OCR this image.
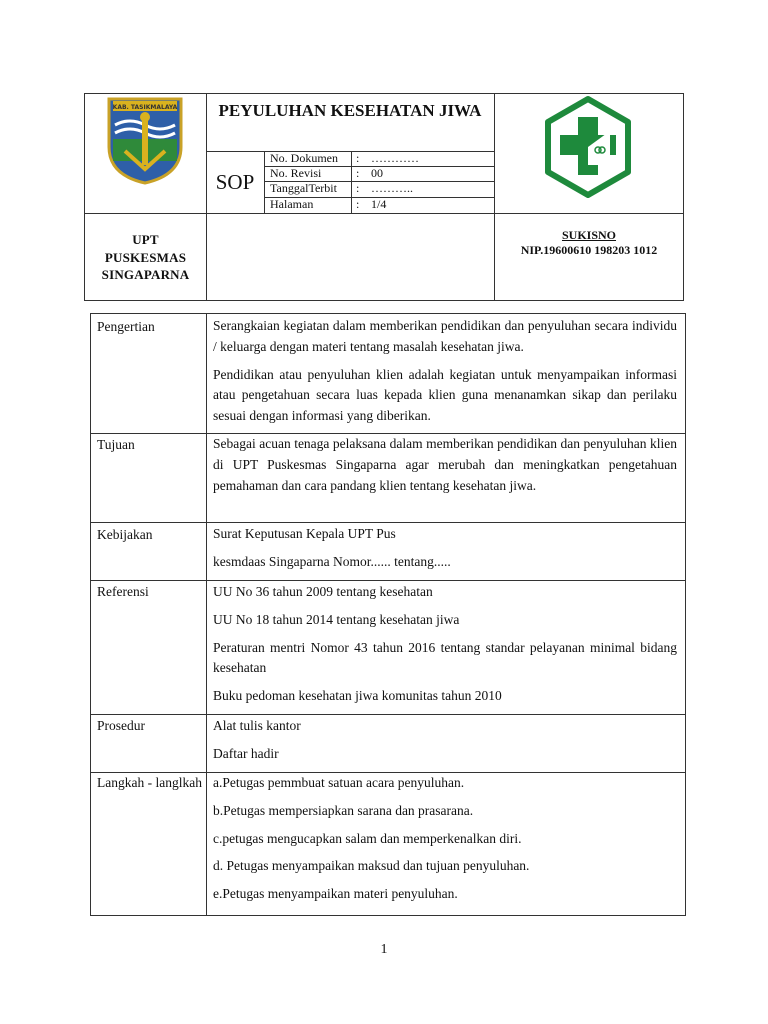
KAB. TASIKMALAYA	PEYULUHAN KESEHATAN JIWA
SOP
No. Dokumen : …………
No. Revisi	: 00
TanggalTerbit : ………..
Halaman	: 1/4
UPT
PUSKESMAS
SINGAPARNA
SUKISNO
NIP.19600610 198203 1012
Pengertian	Serangkaian kegiatan dalam memberikan pendidikan dan penyuluhan secara individu / keluarga dengan materi tentang masalah kesehatan jiwa.

Pendidikan atau penyuluhan klien adalah kegiatan untuk menyampaikan informasi atau pengetahuan secara luas kepada klien guna menanamkan sikap dan perilaku sesuai dengan informasi yang diberikan.

Tujuan	Sebagai acuan tenaga pelaksana dalam memberikan pendidikan dan penyuluhan klien di UPT Puskesmas Singaparna agar merubah dan meningkatkan pengetahuan pemahaman dan cara pandang klien tentang kesehatan jiwa.

Kebijakan	Surat Keputusan Kepala UPT Pus

kesmdaas Singaparna Nomor...... tentang.....

Referensi	UU No 36 tahun 2009 tentang kesehatan

UU No 18 tahun 2014 tentang kesehatan jiwa

Peraturan mentri Nomor 43 tahun 2016 tentang standar pelayanan minimal bidang kesehatan

Buku pedoman kesehatan jiwa komunitas tahun 2010

Prosedur	Alat tulis kantor

Daftar hadir

Langkah - langlkah a.Petugas pemmbuat satuan acara penyuluhan.

b.Petugas mempersiapkan sarana dan prasarana.

c.petugas mengucapkan salam dan memperkenalkan diri.

d. Petugas menyampaikan maksud dan tujuan penyuluhan.

e.Petugas menyampaikan materi penyuluhan.

1
